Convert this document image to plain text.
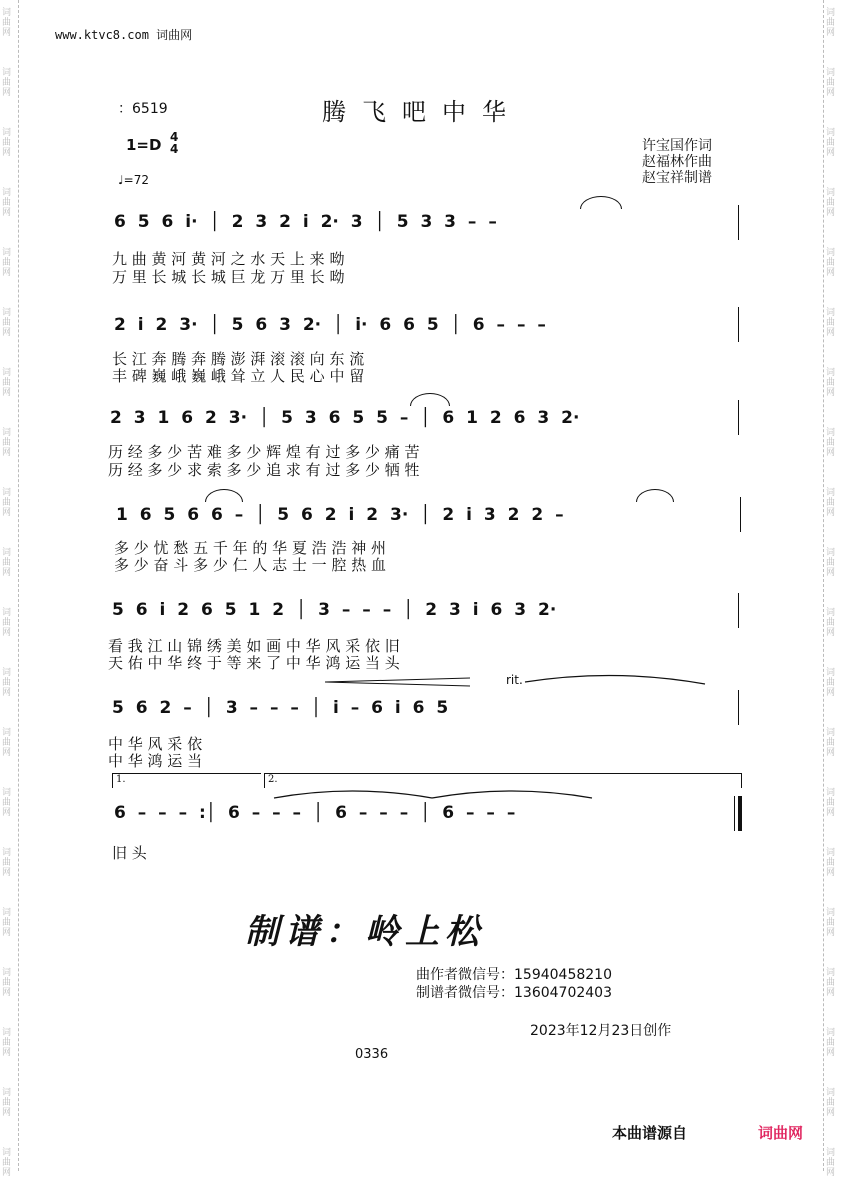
词
曲
网
词
曲
网
词
曲
网
词
曲
网
词
曲
网
词
曲
网
词
曲
网
词
曲
网
词
曲
网
词
曲
网
词
曲
网
词
曲
网
词
曲
网
词
曲
网
词
曲
网
词
曲
网
词
曲
网
词
曲
网
词
曲
网
词
曲
网
词
曲
网
词
曲
网
词
曲
网
词
曲
网
词
曲
网
词
曲
网
词
曲
网
词
曲
网
词
曲
网
词
曲
网
词
曲
网
词
曲
网
词
曲
网
词
曲
网
词
曲
网
词
曲
网
词
曲
网
词
曲
网
词
曲
网
词
曲
网
www.ktvc8.com 词曲网
腾飞吧中华
：6519
1=D 4
4
♩=72
许宝国作词
赵福林作曲
赵宝祥制谱
6 5 6 i· │ 2 3 2 i 2· 3 │ 5 3 3 – –
九 曲 黄 河 黄 河 之 水 天 上 来 呦
万 里 长 城 长 城 巨 龙 万 里 长 呦
2 i 2 3· │ 5 6 3 2· │ i· 6 6 5 │ 6 – – –
长 江 奔 腾 奔 腾 澎 湃 滚 滚 向 东 流
丰 碑 巍 峨 巍 峨 耸 立 人 民 心 中 留
2 3 1 6 2 3· │ 5 3 6 5 5 – │ 6 1 2 6 3 2·
历 经 多 少 苦 难 多 少 辉 煌 有 过 多 少 痛 苦
历 经 多 少 求 索 多 少 追 求 有 过 多 少 牺 牲
1 6 5 6 6 – │ 5 6 2 i 2 3· │ 2 i 3 2 2 –
多 少 忧 愁 五 千 年 的 华 夏 浩 浩 神 州
多 少 奋 斗 多 少 仁 人 志 士 一 腔 热 血
5 6 i 2 6 5 1 2 │ 3 – – – │ 2 3 i 6 3 2·
看 我 江 山 锦 绣 美 如 画 中 华 风 采 依 旧
天 佑 中 华 终 于 等 来 了 中 华 鸿 运 当 头
rit.
5 6 2 – │ 3 – – – │ i – 6 i 6 5
中 华 风 采 依
中 华 鸿 运 当
1.	2.
6 – – – :│ 6 – – – │ 6 – – – │ 6 – – –
旧 头
制谱：岭上松
曲作者微信号：15940458210
制谱者微信号：13604702403
2023年12月23日创作
0336
本曲谱源自	词曲网
